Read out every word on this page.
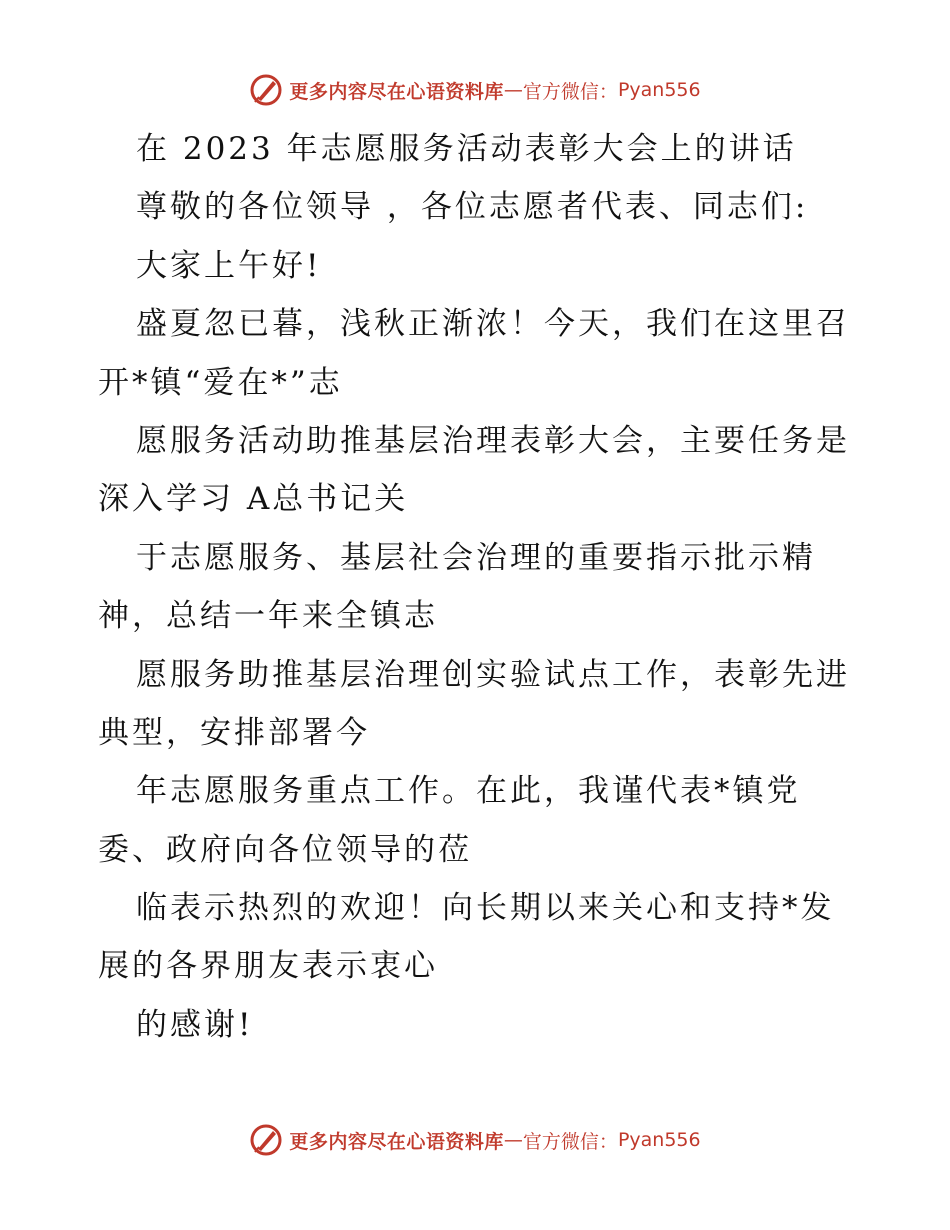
更多内容尽在心语资料库 — 官方微信： Pyan556
在 2023 年志愿服务活动表彰大会上的讲话
尊敬的各位领导 ，各位志愿者代表、同志们:
大家上午好!
盛夏忽已暮，浅秋正渐浓！今天，我们在这里召
开*镇“爱在*”志
愿服务活动助推基层治理表彰大会，主要任务是
深入学习 A总书记关
于志愿服务、基层社会治理的重要指示批示精
神，总结一年来全镇志
愿服务助推基层治理创实验试点工作，表彰先进
典型，安排部署今
年志愿服务重点工作。在此，我谨代表*镇党
委、政府向各位领导的莅
临表示热烈的欢迎！向长期以来关心和支持*发
展的各界朋友表示衷心
的感谢!
更多内容尽在心语资料库 — 官方微信： Pyan556
